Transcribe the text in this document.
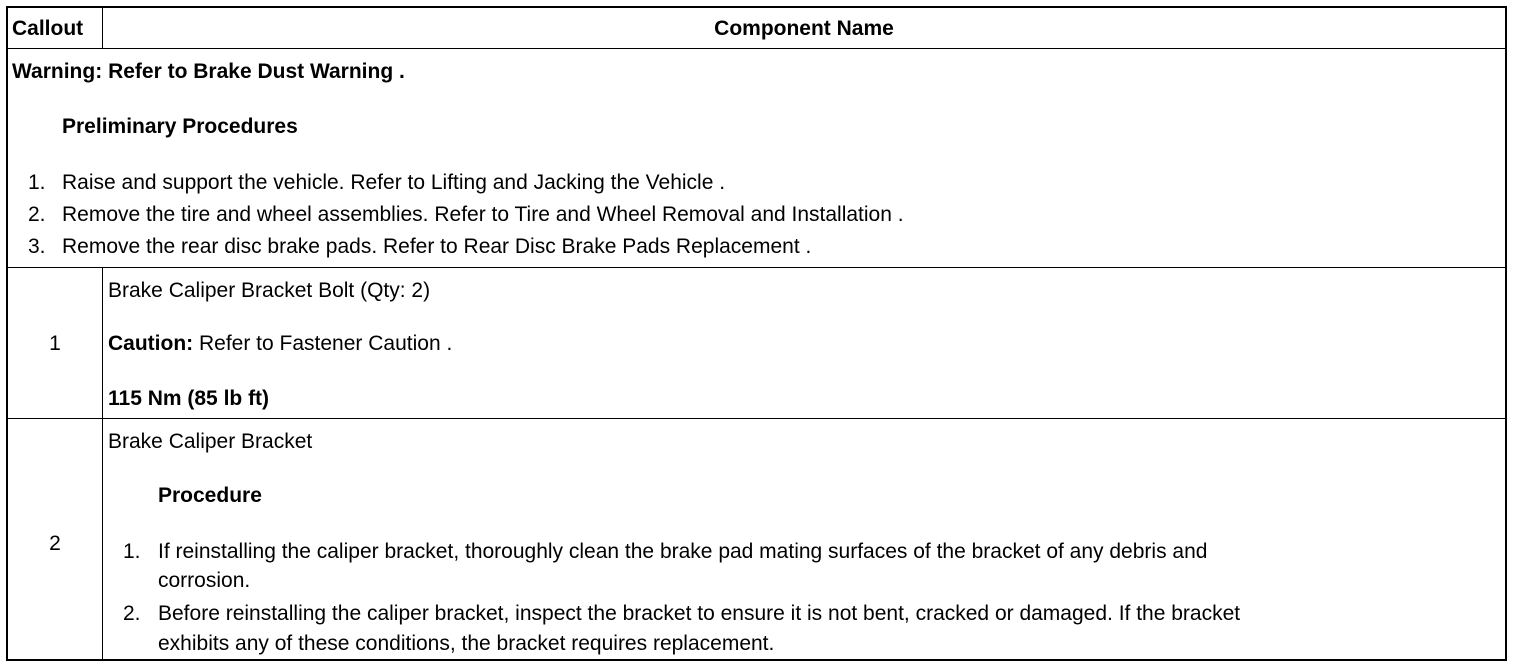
Callout	Component Name
Warning: Refer to Brake Dust Warning .
Preliminary Procedures
1. Raise and support the vehicle. Refer to Lifting and Jacking the Vehicle .
2. Remove the tire and wheel assemblies. Refer to Tire and Wheel Removal and Installation .
3. Remove the rear disc brake pads. Refer to Rear Disc Brake Pads Replacement .
1
Brake Caliper Bracket Bolt (Qty: 2)
Caution: Refer to Fastener Caution .
115 Nm (85 lb ft)
2
Brake Caliper Bracket
Procedure
1. If reinstalling the caliper bracket, thoroughly clean the brake pad mating surfaces of the bracket of any debris and
corrosion.
2. Before reinstalling the caliper bracket, inspect the bracket to ensure it is not bent, cracked or damaged. If the bracket
exhibits any of these conditions, the bracket requires replacement.
